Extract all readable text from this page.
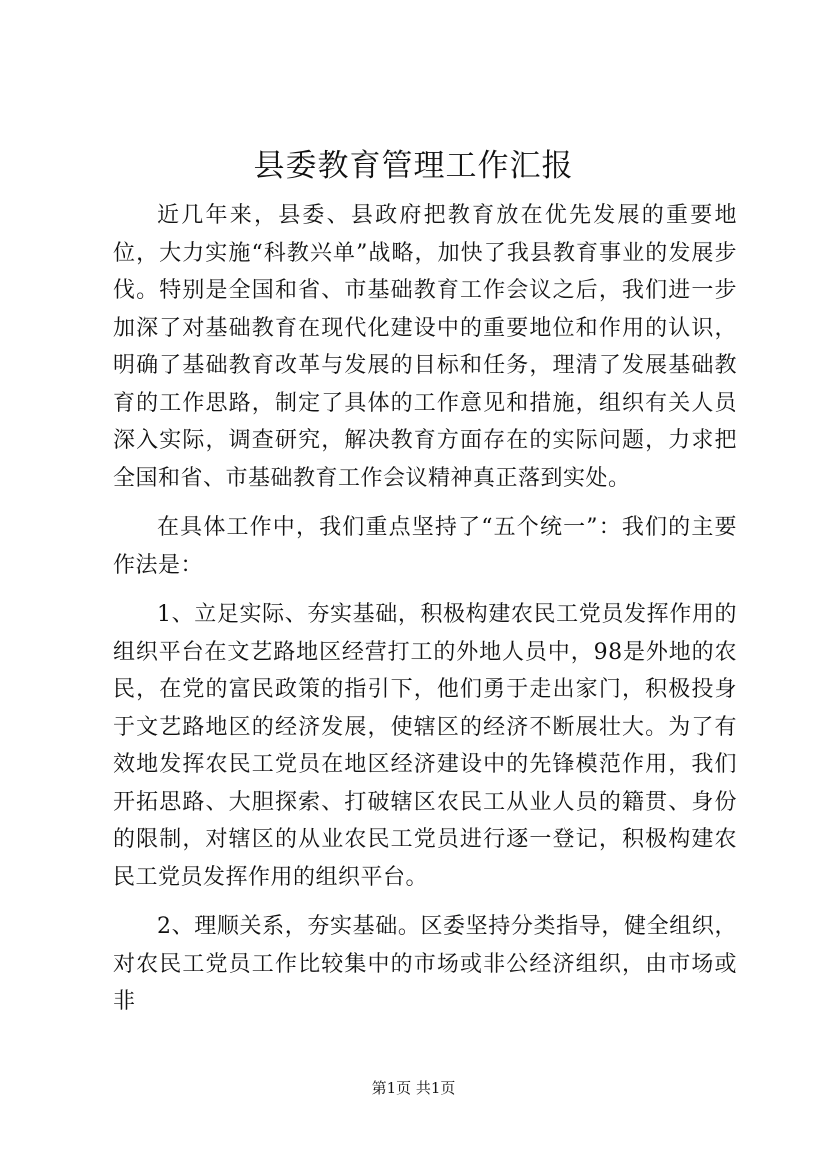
县委教育管理工作汇报

近几年来，县委、县政府把教育放在优先发展的重要地位，大力实施“科教兴单”战略，加快了我县教育事业的发展步伐。特别是全国和省、市基础教育工作会议之后，我们进一步加深了对基础教育在现代化建设中的重要地位和作用的认识，明确了基础教育改革与发展的目标和任务，理清了发展基础教育的工作思路，制定了具体的工作意见和措施，组织有关人员深入实际，调查研究，解决教育方面存在的实际问题，力求把全国和省、市基础教育工作会议精神真正落到实处。

在具体工作中，我们重点坚持了“五个统一”：我们的主要作法是：

1、立足实际、夯实基础，积极构建农民工党员发挥作用的组织平台在文艺路地区经营打工的外地人员中，98是外地的农民，在党的富民政策的指引下，他们勇于走出家门，积极投身于文艺路地区的经济发展，使辖区的经济不断展壮大。为了有效地发挥农民工党员在地区经济建设中的先锋模范作用，我们开拓思路、大胆探索、打破辖区农民工从业人员的籍贯、身份的限制，对辖区的从业农民工党员进行逐一登记，积极构建农民工党员发挥作用的组织平台。

2、理顺关系，夯实基础。区委坚持分类指导，健全组织，对农民工党员工作比较集中的市场或非公经济组织，由市场或非

第1页 共1页
